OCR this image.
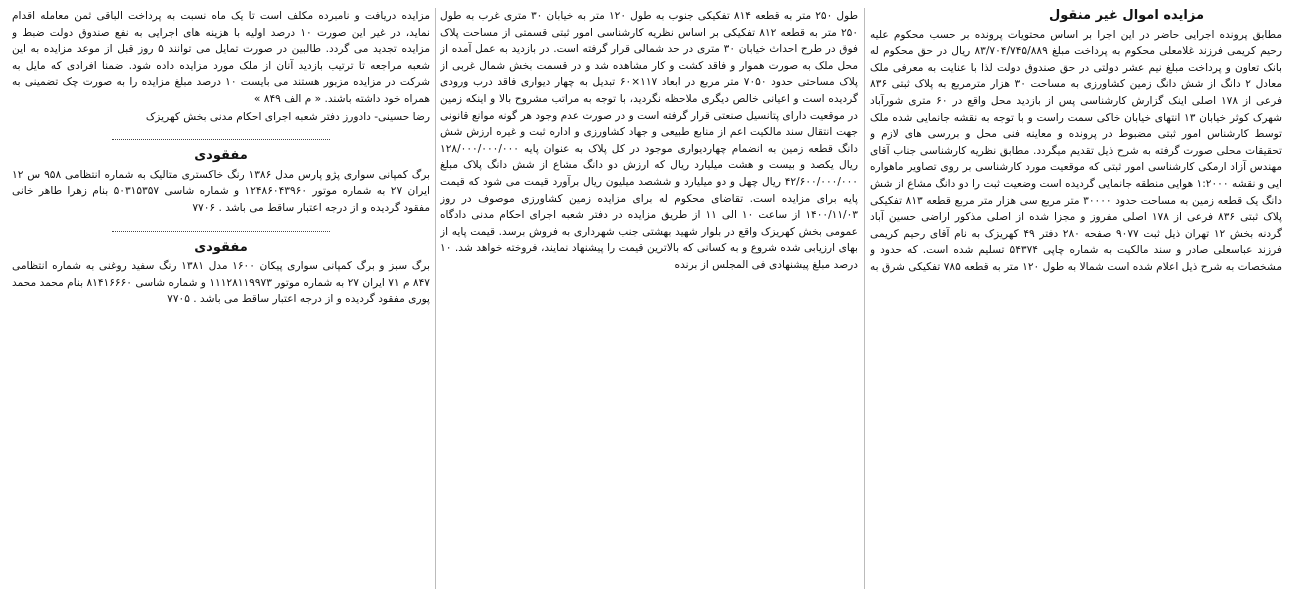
مزایده اموال غیر منقول

مطابق پرونده اجرایی حاضر در این اجرا بر اساس محتویات پرونده بر حسب محکوم علیه رحیم کریمی فرزند غلامعلی محکوم به پرداخت مبلغ ۸۳/۷۰۴/۷۴۵/۸۸۹ ریال در حق محکوم له بانک تعاون و پرداخت مبلغ نیم عشر دولتی در حق صندوق دولت لذا با عنایت به معرفی ملک معادل ۲ دانگ از شش دانگ زمین کشاورزی به مساحت ۳۰ هزار مترمربع به پلاک ثبتی ۸۳۶ فرعی از ۱۷۸ اصلی اینک گزارش کارشناسی پس از بازدید محل واقع در ۶۰ متری شورآباد شهرک کوثر خیابان ۱۳ انتهای خیابان خاکی سمت راست و با توجه به نقشه جانمایی شده ملک توسط کارشناس امور ثبتی مضبوط در پرونده و معاینه فنی محل و بررسی های لازم و تحقیقات محلی صورت گرفته به شرح ذیل تقدیم میگردد. مطابق نظریه کارشناسی جناب آقای مهندس آزاد ارمکی کارشناسی امور ثبتی که موقعیت مورد کارشناسی بر روی تصاویر ماهواره ایی و نقشه ۱:۲۰۰۰ هوایی منطقه جانمایی گردیده است وضعیت ثبت را دو دانگ مشاع از شش دانگ یک قطعه زمین به مساحت حدود ۳۰۰۰۰ متر مربع سی هزار متر مربع قطعه ۸۱۳ تفکیکی پلاک ثبتی ۸۳۶ فرعی از ۱۷۸ اصلی مفروز و مجزا شده از اصلی مذکور اراضی حسین آباد گردنه بخش ۱۲ تهران ذیل ثبت ۹۰۷۷ صفحه ۲۸۰ دفتر ۴۹ کهریزک به نام آقای رحیم کریمی فرزند عباسعلی صادر و سند مالکیت به شماره چاپی ۵۴۳۷۴ تسلیم شده است. که حدود و مشخصات به شرح ذیل اعلام شده است شمالا به طول ۱۲۰ متر به قطعه ۷۸۵ تفکیکی شرق به

طول ۲۵۰ متر به قطعه ۸۱۴ تفکیکی جنوب به طول ۱۲۰ متر به خیابان ۳۰ متری غرب به طول ۲۵۰ متر به قطعه ۸۱۲ تفکیکی بر اساس نظریه کارشناسی امور ثبتی قسمتی از مساحت پلاک فوق در طرح احداث خیابان ۳۰ متری در حد شمالی قرار گرفته است. در بازدید به عمل آمده از محل ملک به صورت هموار و فاقد کشت و کار مشاهده شد و در قسمت بخش شمال غربی از پلاک مساحتی حدود ۷۰۵۰ متر مربع در ابعاد ۱۱۷×۶۰ تبدیل به چهار دیواری فاقد درب ورودی گردیده است و اعیانی خالص دیگری ملاحظه نگردید، با توجه به مراتب مشروح بالا و اینکه زمین در موقعیت دارای پتانسیل صنعتی قرار گرفته است و در صورت عدم وجود هر گونه موانع قانونی جهت انتقال سند مالکیت اعم از منابع طبیعی و جهاد کشاورزی و اداره ثبت و غیره ارزش شش دانگ قطعه زمین به انضمام چهاردیواری موجود در کل پلاک به عنوان پایه ۱۲۸/۰۰۰/۰۰۰/۰۰۰ ریال یکصد و بیست و هشت میلیارد ریال که ارزش دو دانگ مشاع از شش دانگ پلاک مبلغ ۴۲/۶۰۰/۰۰۰/۰۰۰ ریال چهل و دو میلیارد و ششصد میلیون ریال برآورد قیمت می شود که قیمت پایه برای مزایده است. تقاضای محکوم له برای مزایده زمین کشاورزی موصوف در روز ۱۴۰۰/۱۱/۰۳ از ساعت ۱۰ الی ۱۱ از طریق مزایده در دفتر شعبه اجرای احکام مدنی دادگاه عمومی بخش کهریزک واقع در بلوار شهید بهشتی جنب شهرداری به فروش برسد. قیمت پایه از بهای ارزیابی شده شروع و به کسانی که بالاترین قیمت را پیشنهاد نمایند، فروخته خواهد شد. ۱۰ درصد مبلغ پیشنهادی فی المجلس از برنده

مزایده دریافت و نامبرده مکلف است تا یک ماه نسبت به پرداخت الباقی ثمن معامله اقدام نماید، در غیر این صورت ۱۰ درصد اولیه با هزینه های اجرایی به نفع صندوق دولت ضبط و مزایده تجدید می گردد. طالبین در صورت تمایل می توانند ۵ روز قبل از موعد مزایده به این شعبه مراجعه تا ترتیب بازدید آنان از ملک مورد مزایده داده شود. ضمنا افرادی که مایل به شرکت در مزایده مزبور هستند می بایست ۱۰ درصد مبلغ مزایده را به صورت چک تضمینی به همراه خود داشته باشند. « م الف ۸۴۹ »

رضا حسینی- دادورز دفتر شعبه اجرای احکام مدنی بخش کهریزک

مفقودی

برگ کمپانی سواری پژو پارس مدل ۱۳۸۶ رنگ خاکستری متالیک به شماره انتظامی ۹۵۸ س ۱۲ ایران ۲۷ به شماره موتور ۱۲۴۸۶۰۴۳۹۶۰ و شماره شاسی ۵۰۳۱۵۳۵۷ بنام زهرا طاهر خانی مفقود گردیده و از درجه اعتبار ساقط می باشد . ۷۷۰۶

مفقودی

برگ سبز و برگ کمپانی سواری پیکان ۱۶۰۰ مدل ۱۳۸۱ رنگ سفید روغنی به شماره انتظامی ۸۴۷ م ۷۱ ایران ۲۷ به شماره موتور ۱۱۱۲۸۱۱۹۹۷۳ و شماره شاسی ۸۱۴۱۶۶۶۰ بنام محمد محمد پوری مفقود گردیده و از درجه اعتبار ساقط می باشد . ۷۷۰۵
